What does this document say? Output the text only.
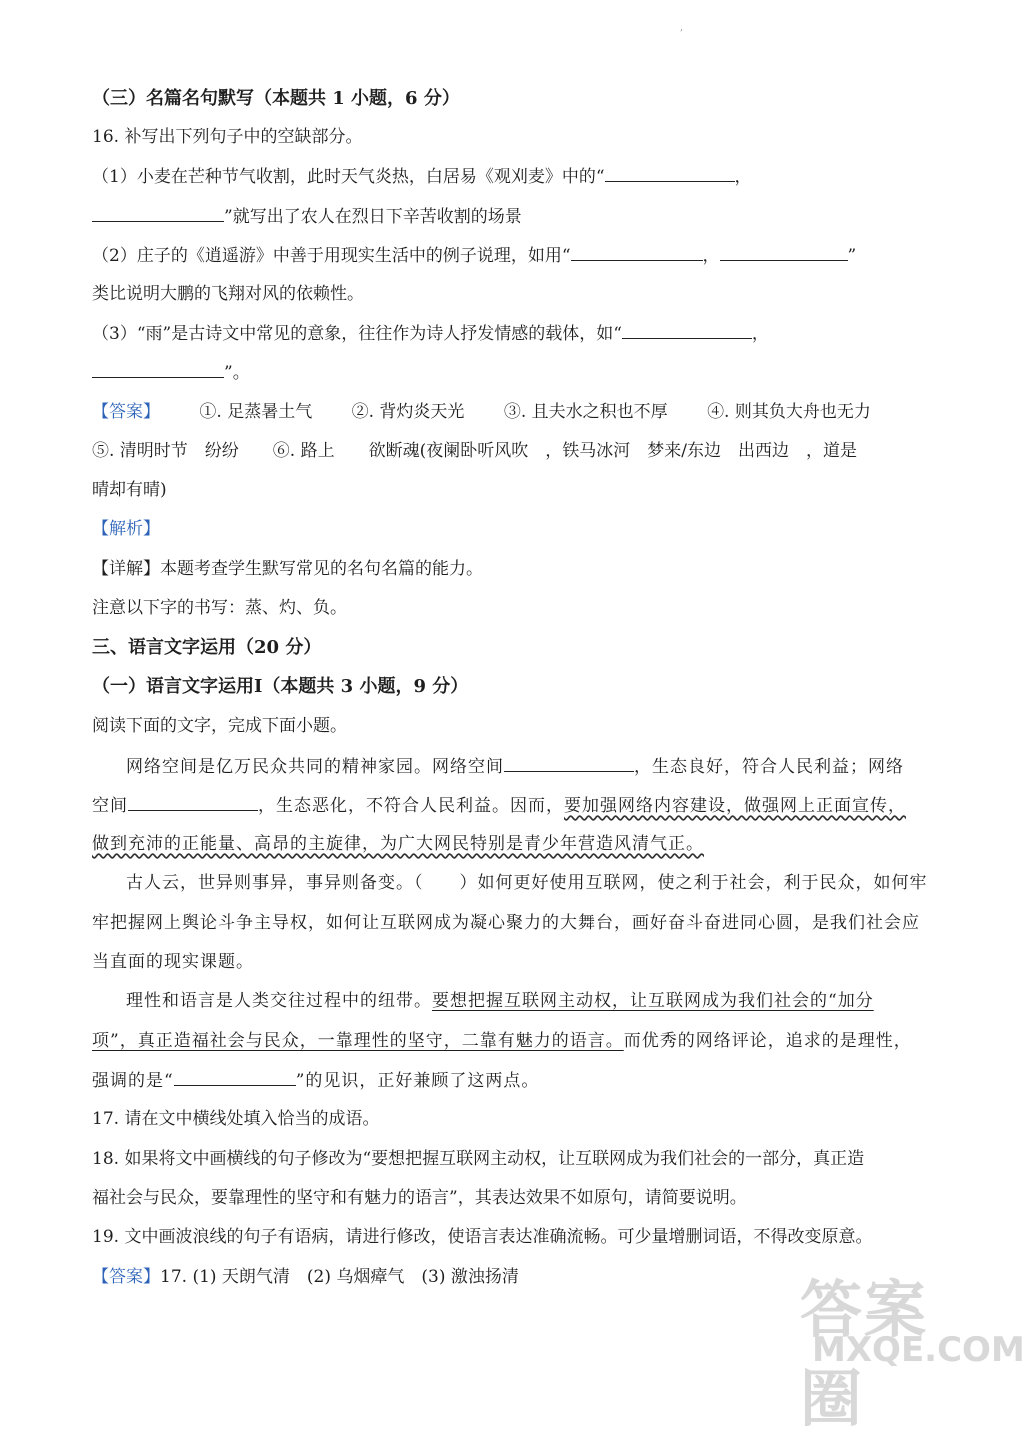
,
（三）名篇名句默写（本题共 1 小题，6 分）
16. 补写出下列句子中的空缺部分。
（1）小麦在芒种节气收割，此时天气炎热，白居易《观刈麦》中的“	，
”就写出了农人在烈日下辛苦收割的场景
（2）庄子的《逍遥游》中善于用现实生活中的例子说理，如用“	，	”
类比说明大鹏的飞翔对风的依赖性。
（3）“雨”是古诗文中常见的意象，往往作为诗人抒发情感的载体，如“	，
”。
【答案】 ①. 足蒸暑土气 ②. 背灼炎天光 ③. 且夫水之积也不厚 ④. 则其负大舟也无力
⑤. 清明时节　纷纷　　⑥. 路上　　欲断魂(夜阑卧听风吹　，铁马冰河　梦来/东边　出西边　，道是
晴却有晴)
【解析】
【详解】本题考查学生默写常见的名句名篇的能力。
注意以下字的书写：蒸、灼、负。
三、语言文字运用（20 分）
（一）语言文字运用Ⅰ（本题共 3 小题，9 分）
阅读下面的文字，完成下面小题。
网络空间是亿万民众共同的精神家园。网络空间	，生态良好，符合人民利益；网络
空间	，生态恶化，不符合人民利益。因而，要加强网络内容建设，做强网上正面宣传，
做到充沛的正能量、高昂的主旋律，为广大网民特别是青少年营造风清气正。
古人云，世异则事异，事异则备变。（　　）如何更好使用互联网，使之利于社会，利于民众，如何牢
牢把握网上舆论斗争主导权，如何让互联网成为凝心聚力的大舞台，画好奋斗奋进同心圆，是我们社会应
当直面的现实课题。
理性和语言是人类交往过程中的纽带。要想把握互联网主动权，让互联网成为我们社会的“加分
项”，真正造福社会与民众，一靠理性的坚守，二靠有魅力的语言。而优秀的网络评论，追求的是理性，
强调的是“	”的见识，正好兼顾了这两点。
17. 请在文中横线处填入恰当的成语。
18. 如果将文中画横线的句子修改为“要想把握互联网主动权，让互联网成为我们社会的一部分，真正造
福社会与民众，要靠理性的坚守和有魅力的语言”，其表达效果不如原句，请简要说明。
19. 文中画波浪线的句子有语病，请进行修改，使语言表达准确流畅。可少量增删词语，不得改变原意。
【答案】17. (1) 天朗气清　(2) 乌烟瘴气　(3) 激浊扬清	答案圈
MXQE.COM
